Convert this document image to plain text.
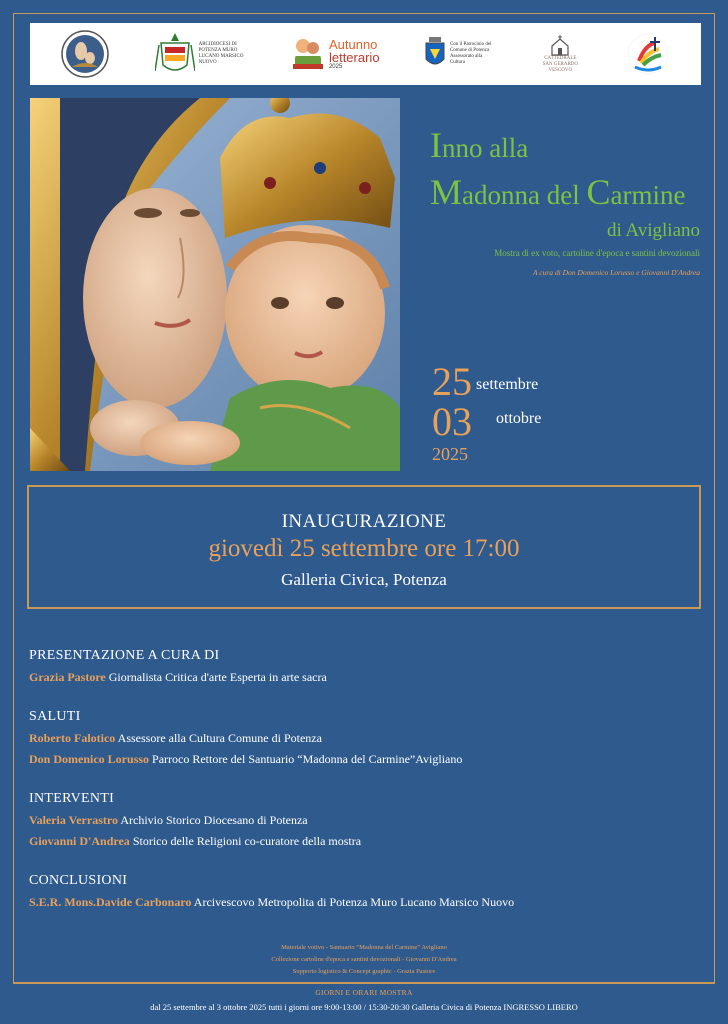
ARCIDIOCESI DI POTENZA MURO LUCANO MARSICO NUOVO
Autunno
letterario
2025
Con il Patrocinio del Comune di Potenza Assessorato alla Cultura
CATTEDRALE SAN GERARDO VESCOVO
Inno alla
Madonna del Carmine
di Avigliano
Mostra di ex voto, cartoline d'epoca e santini devozionali
A cura di Don Domenico Lorusso e Giovanni D'Andrea
25 settembre
03 ottobre
2025
INAUGURAZIONE
giovedì 25 settembre ore 17:00
Galleria Civica, Potenza
PRESENTAZIONE A CURA DI
Grazia Pastore Giornalista Critica d'arte Esperta in arte sacra
SALUTI
Roberto Falotico Assessore alla Cultura Comune di Potenza
Don Domenico Lorusso Parroco Rettore del Santuario “Madonna del Carmine”Avigliano
INTERVENTI
Valeria Verrastro Archivio Storico Diocesano di Potenza
Giovanni D'Andrea Storico delle Religioni co-curatore della mostra
CONCLUSIONI
S.E.R. Mons.Davide Carbonaro Arcivescovo Metropolita di Potenza Muro Lucano Marsico Nuovo
Materiale votivo - Santuario “Madonna del Carmine” Avigliano
Collezione cartoline d'epoca e santini devozionali - Giovanni D'Andrea
Supporto logistico & Concept graphic - Grazia Pastore
GIORNI E ORARI MOSTRA
dal 25 settembre al 3 ottobre 2025 tutti i giorni ore 9:00-13:00 / 15:30-20:30 Galleria Civica di Potenza INGRESSO LIBERO
